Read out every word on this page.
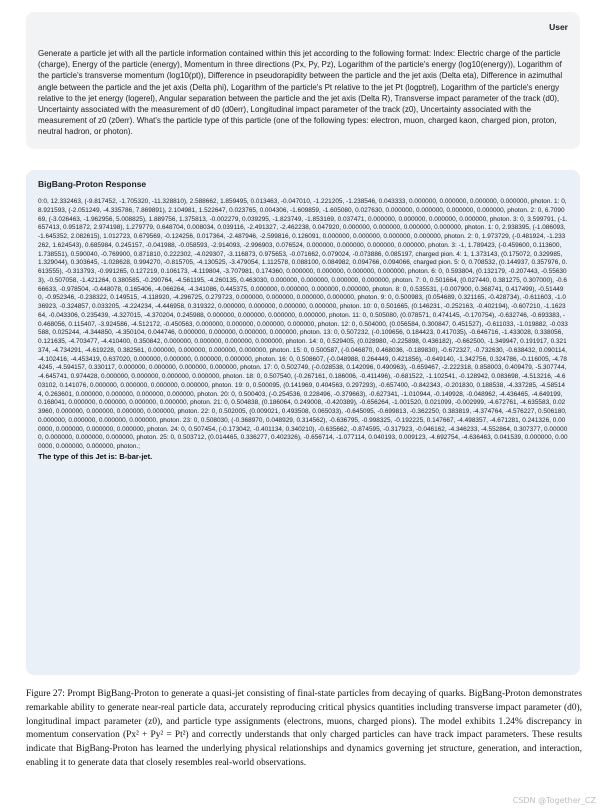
User
Generate a particle jet with all the particle information contained within this jet according to the following format: Index: Electric charge of the particle (charge), Energy of the particle (energy), Momentum in three directions (Px, Py, Pz), Logarithm of the particle's energy (log10(energy)), Logarithm of the particle's transverse momentum (log10(pt)), Difference in pseudorapidity between the particle and the jet axis (Delta eta), Difference in azimuthal angle between the particle and the jet axis (Delta phi), Logarithm of the particle's Pt relative to the jet Pt (logptrel), Logarithm of the particle's energy relative to the jet energy (logerel), Angular separation between the particle and the jet axis (Delta R), Transverse impact parameter of the track (d0), Uncertainty associated with the measurement of d0 (d0err), Longitudinal impact parameter of the track (z0), Uncertainty associated with the measurement of z0 (z0err). What's the particle type of this particle (one of the following types: electron, muon, charged kaon, charged pion, proton, neutral hadron, or photon).
BigBang-Proton Response
0:0, 12.332463, (-9.817452, -1.705320, -11.328810), 2.588662, 1.859495, 0.013463, -0.047010, -1.221205, -1.238546, 0.043333, 0.000000, 0.000000, 0.000000, 0.000000, photon. 1: 0, 8.921593, (-2.051249, -4.335786, 7.869891), 2.104981, 1.522647, 0.023765, 0.004306, -1.609859, -1.605080, 0.027630, 0.000000, 0.000000, 0.000000, 0.000000, photon. 2: 0, 6.709069, (-3.026463, -1.962956, 5.008825), 1.889756, 1.375813, -0.002279, 0.039295, -1.823749, -1.853169, 0.037471, 0.000000, 0.000000, 0.000000, 0.000000, photon. 3: 0, 3.599791, (-1.657413, 0.951872, 2.974198), 1.279779, 0.648704, 0.008034, 0.039116, -2.491327, -2.462238, 0.047920, 0.000000, 0.000000, 0.000000, 0.000000, photon. 1: 0, 2.938395, (-1.086093, -1.645352, 2.082615), 1.012723, 0.679569, -0.124256, 0.017364, -2.487946, -2.599816, 0.126091, 0.000000, 0.000000, 0.000000, 0.000000, photon. 2: 0, 1.973729, (-0.481924, -1.233262, 1.624543), 0.685984, 0.245157, -0.041988, -0.058593, -2.914093, -2.996903, 0.076524, 0.000000, 0.000000, 0.000000, 0.000000, photon. 3: -1, 1.789423, (-0.459600, 0.113600, 1.738551), 0.590040, -0.769900, 0.871810, 0.222302, -4.029307, -3.116873, 0.975653, -0.071662, 0.079024, -0.073886, 0.085197, charged pion. 4: 1, 1.373143, (0.175072, 0.329985, 1.329044), 0.303645, -1.028628, 0.994270, -0.815705, -4.130525, -3.479054, 1.112578, 0.088100, 0.084982, 0.094766, 0.094066, charged pion. 5: 0, 0.708532, (0.144937, 0.357976, 0.613555), -0.313793, -0.991265, 0.127219, 0.106173, -4.119804, -3.707981, 0.174360, 0.000000, 0.000000, 0.000000, 0.000000, photon. 6: 0, 0.593804, (0.132179, -0.207443, -0.556303), -0.507058, -1.421264, 0.380585, -0.290764, -4.561195, -4.260135, 0.463030, 0.000000, 0.000000, 0.000000, 0.000000, photon. 7: 0, 0.501664, (0.027440, 0.381275, 0.307000), -0.666633, -0.978504, -0.448078, 0.165406, -4.066264, -4.341086, 0.445375, 0.000000, 0.000000, 0.000000, 0.000000, photon. 8: 0, 0.535531, (-0.007900, 0.368741, 0.417499), -0.514490, -0.952346, -0.238322, 0.149515, -4.118920, -4.296725, 0.279723, 0.000000, 0.000000, 0.000000, 0.000000, photon. 9: 0, 0.500983, (0.054689, 0.321165, -0.428734), -0.611603, -1.036923, -0.324857, 0.033205, -4.224234, -4.446958, 0.319322, 0.000000, 0.000000, 0.000000, 0.000000, photon. 10: 0, 0.501665, (0.146231, -0.252163, -0.402194), -0.607210, -1.162364, -0.043306, 0.235439, -4.327015, -4.370204, 0.245988, 0.000000, 0.000000, 0.000000, 0.000000, photon. 11: 0, 0.505080, (0.078571, 0.474145, -0.170754), -0.632746, -0.693383, -0.468056, 0.115407, -3.924586, -4.512172, -0.450563, 0.000000, 0.000000, 0.000000, 0.000000, photon. 12: 0, 0.504000, (0.056584, 0.300847, 0.451527), -0.611033, -1.019882, -0.033588, 0.025244, -4.344850, -4.350104, 0.044746, 0.000000, 0.000000, 0.000000, 0.000000, photon. 13: 0, 0.507232, (-0.109656, 0.184423, 0.417035), -0.646716, -1.433028, 0.338056, 0.121635, -4.703477, -4.410400, 0.350842, 0.000000, 0.000000, 0.000000, 0.000000, photon. 14: 0, 0.529405, (0.028980, -0.225898, 0.436182), -0.662500, -1.349947, 0.191917, 0.321374, -4.734291, -4.619228, 0.382561, 0.000000, 0.000000, 0.000000, 0.000000, photon. 15: 0, 0.500587, (-0.046870, 0.468036, -0.189830), -0.672327, -0.732630, -0.638432, 0.090114, -4.102416, -4.453419, 0.637020, 0.000000, 0.000000, 0.000000, 0.000000, photon. 16: 0, 0.508607, (-0.048988, 0.264449, 0.421856), -0.649140, -1.342756, 0.324786, -0.116005, -4.784245, -4.594157, 0.330117, 0.000000, 0.000000, 0.000000, 0.000000, photon. 17: 0, 0.502749, (-0.028538, 0.142096, 0.490963), -0.659467, -2.222318, 0.858003, 0.409479, -5.307744, -4.645741, 0.974428, 0.000000, 0.000000, 0.000000, 0.000000, photon. 18: 0, 0.507540, (-0.267161, 0.186006, -0.411496), -0.681522, -1.102541, -0.128942, 0.083698, -4.513216, -4.603102, 0.141076, 0.000000, 0.000000, 0.000000, 0.000000, photon. 19: 0, 0.500095, (0.141969, 0.404563, 0.297293), -0.657400, -0.842343, -0.201830, 0.188538, -4.337285, -4.585144, 0.263601, 0.000000, 0.000000, 0.000000, 0.000000, photon. 20: 0, 0.500403, (-0.254536, 0.228496, -0.379663), -0.627341, -1.010944, -0.149928, -0.048962, -4.436465, -4.649199, 0.168041, 0.000000, 0.000000, 0.000000, 0.000000, photon. 21: 0, 0.504838, (0.186064, 0.249008, -0.420389), -0.656264, -1.001520, 0.021099, -0.002999, -4.672761, -4.635583, 0.023960, 0.000000, 0.000000, 0.000000, 0.000000, photon. 22: 0, 0.502005, (0.009021, 0.493508, 0.065033), -0.645095, -0.699813, -0.362250, 0.383819, -4.374764, -4.576227, 0.506180, 0.000000, 0.000000, 0.000000, 0.000000, photon. 23: 0, 0.508030, (-0.368970, 0.048929, 0.314562), -0.636795, -0.998325, -0.192225, 0.147667, -4.498357, -4.671281, 0.241326, 0.000000, 0.000000, 0.000000, 0.000000, photon. 24: 0, 0.507454, (-0.173042, -0.401134, 0.340210), -0.635662, -0.874595, -0.317923, -0.046162, -4.346233, -4.552864, 0.307377, 0.000000, 0.000000, 0.000000, 0.000000, photon. 25: 0, 0.503712, (0.014465, 0.336277, 0.402326), -0.656714, -1.077114, 0.040193, 0.009123, -4.692754, -4.636463, 0.041539, 0.000000, 0.000000, 0.000000, 0.000000, photon.;
The type of this Jet is: B-bar-jet.
Figure 27: Prompt BigBang-Proton to generate a quasi-jet consisting of final-state particles from decaying of quarks. BigBang-Proton demonstrates remarkable ability to generate near-real particle data, accurately reproducing critical physics quantities including transverse impact parameter (d0), longitudinal impact parameter (z0), and particle type assignments (electrons, muons, charged pions). The model exhibits 1.24% discrepancy in momentum conservation (Px² + Py² = Pt²) and correctly understands that only charged particles can have track impact parameters. These results indicate that BigBang-Proton has learned the underlying physical relationships and dynamics governing jet structure, generation, and interaction, enabling it to generate data that closely resembles real-world observations.
CSDN @Together_CZ
